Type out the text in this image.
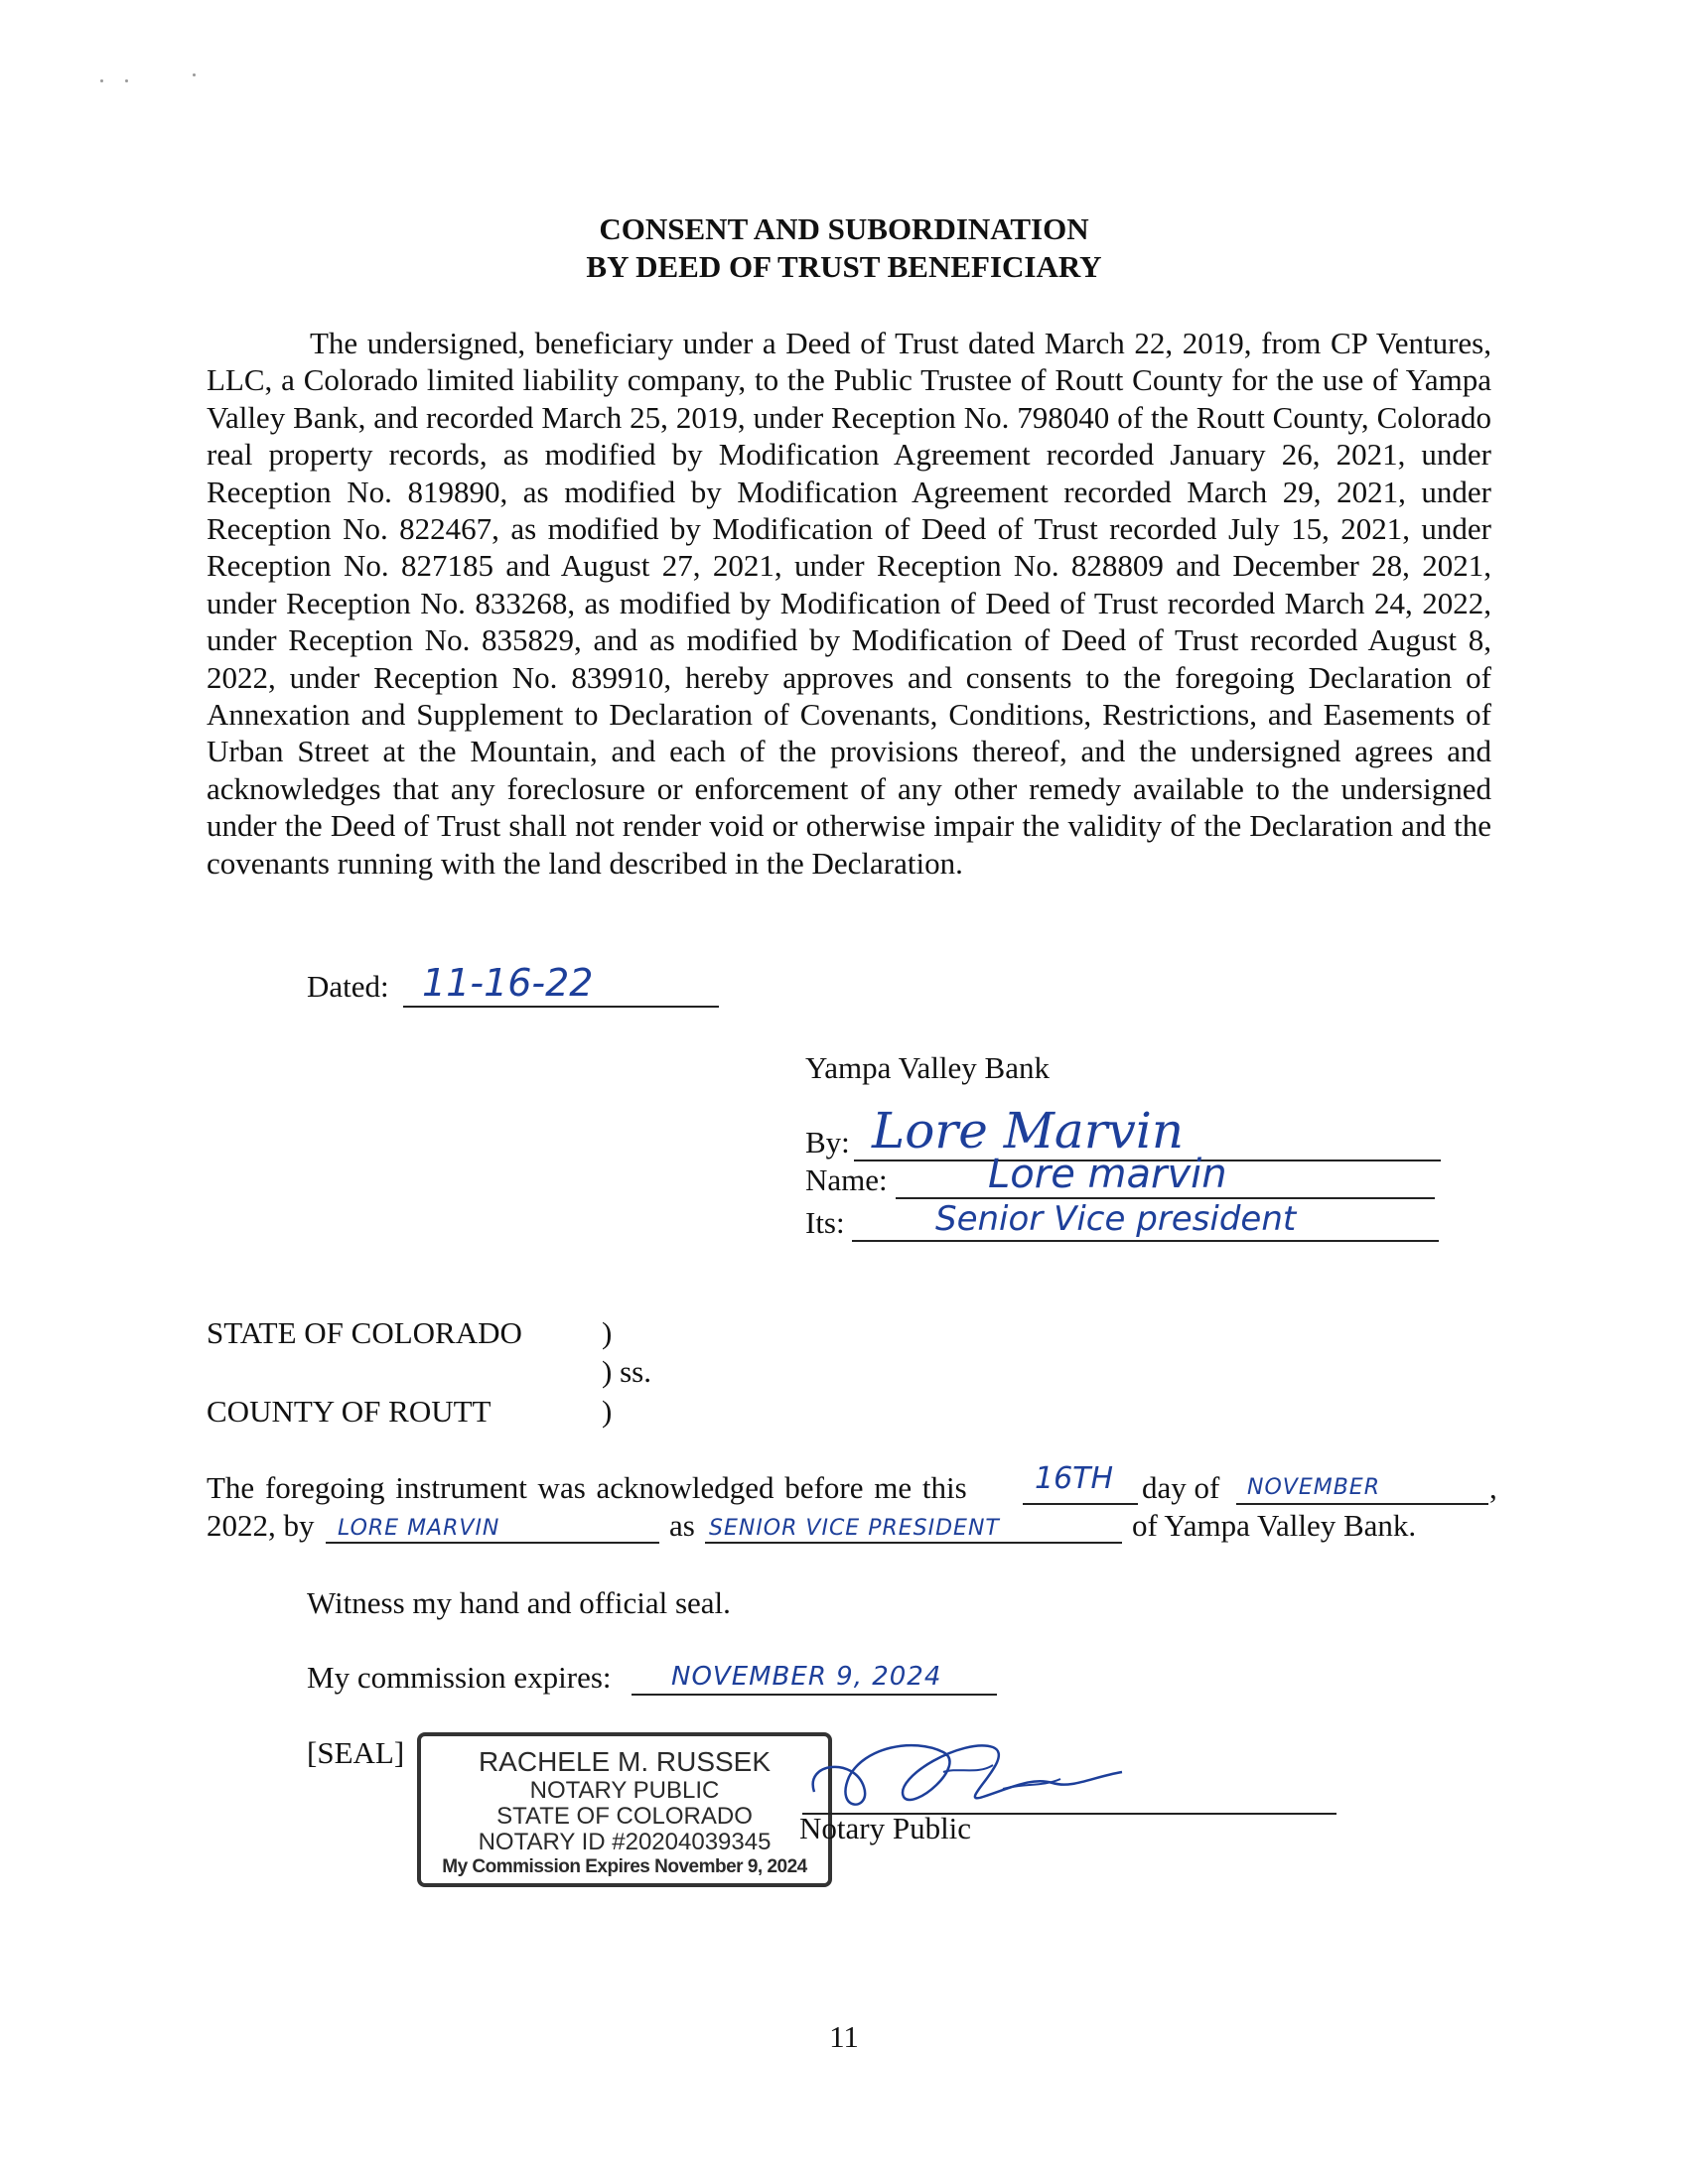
CONSENT AND SUBORDINATION
BY DEED OF TRUST BENEFICIARY
The undersigned, beneficiary under a Deed of Trust dated March 22, 2019, from CP Ventures, LLC, a Colorado limited liability company, to the Public Trustee of Routt County for the use of Yampa Valley Bank, and recorded March 25, 2019, under Reception No. 798040 of the Routt County, Colorado real property records, as modified by Modification Agreement recorded January 26, 2021, under Reception No. 819890, as modified by Modification Agreement recorded March 29, 2021, under Reception No. 822467, as modified by Modification of Deed of Trust recorded July 15, 2021, under Reception No. 827185 and August 27, 2021, under Reception No. 828809 and December 28, 2021, under Reception No. 833268, as modified by Modification of Deed of Trust recorded March 24, 2022, under Reception No. 835829, and as modified by Modification of Deed of Trust recorded August 8, 2022, under Reception No. 839910, hereby approves and consents to the foregoing Declaration of Annexation and Supplement to Declaration of Covenants, Conditions, Restrictions, and Easements of Urban Street at the Mountain, and each of the provisions thereof, and the undersigned agrees and acknowledges that any foreclosure or enforcement of any other remedy available to the undersigned under the Deed of Trust shall not render void or otherwise impair the validity of the Declaration and the covenants running with the land described in the Declaration.
Dated: 11-16-22
Yampa Valley Bank
By: Lore Marvin
Name:	Lore marvin
Its:	Senior Vice president
STATE OF COLORADO	)
) ss.
COUNTY OF ROUTT	)
The foregoing instrument was acknowledged before me this 16TH day of NOVEMBER	,
2022, by LORE MARVIN	as SENIOR VICE PRESIDENT	of Yampa Valley Bank.
Witness my hand and official seal.
My commission expires: NOVEMBER 9, 2024
[SEAL]	RACHELE M. RUSSEK
NOTARY PUBLIC
STATE OF COLORADO
NOTARY ID #20204039345
My Commission Expires November 9, 2024
Notary Public
11
